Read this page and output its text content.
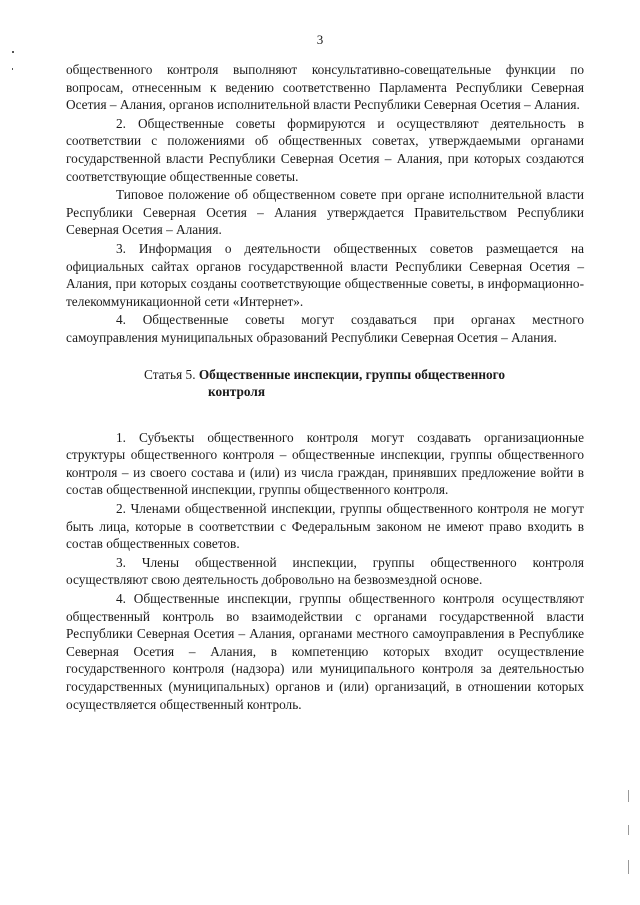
3

общественного контроля выполняют консультативно-совещательные функции по вопросам, отнесенным к ведению соответственно Парламента Республики Северная Осетия – Алания, органов исполнительной власти Республики Северная Осетия – Алания.

2. Общественные советы формируются и осуществляют деятельность в соответствии с положениями об общественных советах, утверждаемыми органами государственной власти Республики Северная Осетия – Алания, при которых создаются соответствующие общественные советы.

Типовое положение об общественном совете при органе исполнительной власти Республики Северная Осетия – Алания утверждается Правительством Республики Северная Осетия – Алания.

3. Информация о деятельности общественных советов размещается на официальных сайтах органов государственной власти Республики Северная Осетия – Алания, при которых созданы соответствующие общественные советы, в информационно-телекоммуникационной сети «Интернет».

4. Общественные советы могут создаваться при органах местного самоуправления муниципальных образований Республики Северная Осетия – Алания.

Статья 5. Общественные инспекции, группы общественного
контроля

1. Субъекты общественного контроля могут создавать организационные структуры общественного контроля – общественные инспекции, группы общественного контроля – из своего состава и (или) из числа граждан, принявших предложение войти в состав общественной инспекции, группы общественного контроля.

2. Членами общественной инспекции, группы общественного контроля не могут быть лица, которые в соответствии с Федеральным законом не имеют право входить в состав общественных советов.

3. Члены общественной инспекции, группы общественного контроля осуществляют свою деятельность добровольно на безвозмездной основе.

4. Общественные инспекции, группы общественного контроля осуществляют общественный контроль во взаимодействии с органами государственной власти Республики Северная Осетия – Алания, органами местного самоуправления в Республике Северная Осетия – Алания, в компетенцию которых входит осуществление государственного контроля (надзора) или муниципального контроля за деятельностью государственных (муниципальных) органов и (или) организаций, в отношении которых осуществляется общественный контроль.
